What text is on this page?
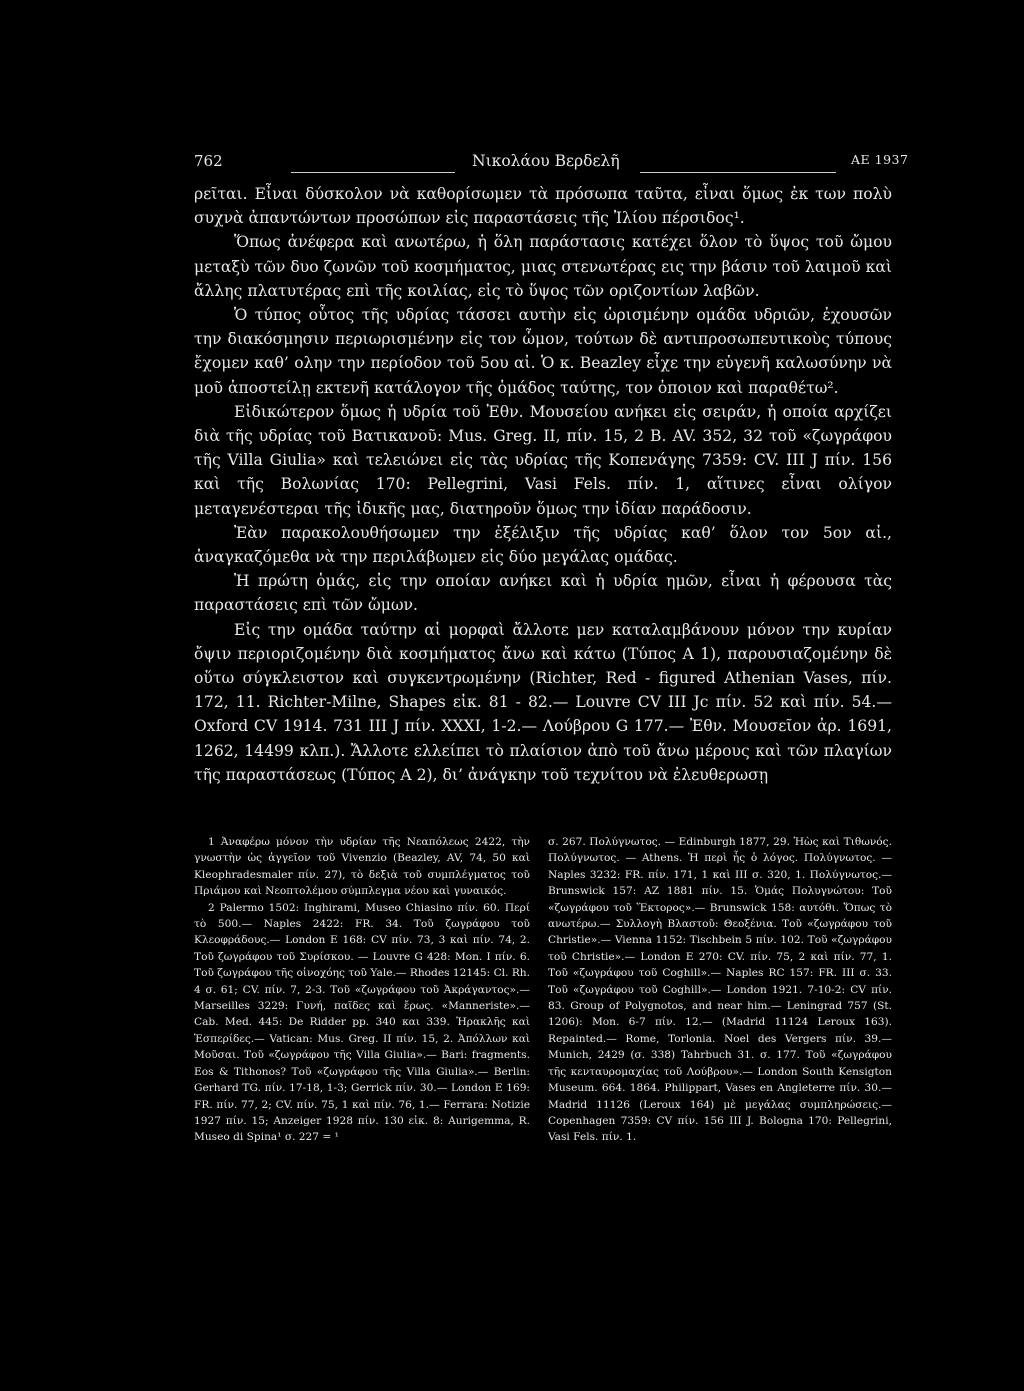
762	Νικολάου Βερδελῆ	ΑΕ 1937

ρεῖται. Εἶναι δύσκολον νὰ καθορίσωμεν τὰ πρόσωπα ταῦτα, εἶναι ὅμως ἐκ των πολὺ συχνὰ ἀπαντώντων προσώπων εἰς παραστάσεις τῆς Ἰλίου πέρσιδος¹.

Ὅπως ἀνέφερα καὶ ανωτέρω, ἡ ὅλη παράστασις κατέχει ὅλον τὸ ὕψος τοῦ ὤμου μεταξὺ τῶν δυο ζωνῶν τοῦ κοσμήματος, μιας στενωτέρας εις την βάσιν τοῦ λαιμοῦ καὶ ἄλλης πλατυτέρας επὶ τῆς κοιλίας, εἰς τὸ ὕψος τῶν οριζοντίων λαβῶν.

Ὁ τύπος οὗτος τῆς υδρίας τάσσει αυτὴν εἰς ὡρισμένην ομάδα υδριῶν, ἐχουσῶν την διακόσμησιν περιωρισμένην εἰς τον ὦμον, τούτων δὲ αντιπροσωπευτικοὺς τύπους ἔχομεν καθ’ ολην την περίοδον τοῦ 5ου αἰ. Ὁ κ. Beazley εἶχε την εὐγενῆ καλωσύνην νὰ μοῦ ἀποστείλῃ εκτενῆ κατάλογον τῆς ὁμάδος ταύτης, τον ὁποιον καὶ παραθέτω².

Εἰδικώτερον ὅμως ἡ υδρία τοῦ Ἐθν. Μουσείου ανήκει εἰς σειράν, ἡ οποία αρχίζει διὰ τῆς υδρίας τοῦ Βατικανοῦ: Mus. Greg. II, πίν. 15, 2 Β. AV. 352, 32 τοῦ «ζωγράφου τῆς Villa Giulia» καὶ τελειώνει εἰς τὰς υδρίας τῆς Κοπενάγης 7359: CV. III J πίν. 156 καὶ τῆς Βολωνίας 170: Pellegrini, Vasi Fels. πίν. 1, αἵτινες εἶναι ολίγον μεταγενέστεραι τῆς ἰδικῆς μας, διατηροῦν ὅμως την ἰδίαν παράδοσιν.

Ἐὰν παρακολουθήσωμεν την ἐξέλιξιν τῆς υδρίας καθ’ ὅλον τον 5ον αἰ., ἀναγκαζόμεθα νὰ την περιλάβωμεν εἰς δύο μεγάλας ομάδας.

Ἡ πρώτη ὁμάς, εἰς την οποίαν ανήκει καὶ ἡ υδρία ημῶν, εἶναι ἡ φέρουσα τὰς παραστάσεις επὶ τῶν ὤμων.

Εἰς την ομάδα ταύτην αἱ μορφαὶ ἄλλοτε μεν καταλαμβάνουν μόνον την κυρίαν ὄψιν περιοριζομένην διὰ κοσμήματος ἄνω καὶ κάτω (Τύπος Α 1), παρουσιαζομένην δὲ οὕτω σύγκλειστον καὶ συγκεντρωμένην (Richter, Red - figured Athenian Vases, πίν. 172, 11. Richter-Milne, Shapes εἰκ. 81 - 82.— Louvre CV III Jc πίν. 52 καὶ πίν. 54.— Oxford CV 1914. 731 III J πίν. XXXI, 1-2.— Λούβρου G 177.— Ἐθν. Μουσεῖον ἀρ. 1691, 1262, 14499 κλπ.). Ἄλλοτε ελλείπει τὸ πλαίσιον ἀπὸ τοῦ ἄνω μέρους καὶ τῶν πλαγίων τῆς παραστάσεως (Τύπος Α 2), δι’ ἀνάγκην τοῦ τεχνίτου νὰ ἐλευθερωσῃ

1 Ἀναφέρω μόνον τὴν υδρίαν τῆς Νεαπόλεως 2422, τὴν γνωστὴν ὡς ἀγγεῖον τοῦ Vivenzio (Beazley, AV, 74, 50 καὶ Kleophradesmaler πίν. 27), τὸ δεξιὰ τοῦ συμπλέγματος τοῦ Πριάμου καὶ Νεοπτολέμου σύμπλεγμα νέου καὶ γυναικός.

2 Palermo 1502: Inghirami, Museo Chiasino πίν. 60. Περί τὸ 500.— Naples 2422: FR. 34. Τοῦ ζωγράφου τοῦ Κλεοφράδους.— London E 168: CV πίν. 73, 3 καὶ πίν. 74, 2. Τοῦ ζωγράφου τοῦ Συρίσκου. — Louvre G 428: Mon. I πίν. 6. Τοῦ ζωγράφου τῆς οἰνοχόης τοῦ Yale.— Rhodes 12145: Cl. Rh. 4 σ. 61; CV. πίν. 7, 2-3. Τοῦ «ζωγράφου τοῦ Ἀκράγαντος».— Marseilles 3229: Γυνή, παῖδες καὶ ἔρως. «Manneriste».— Cab. Med. 445: De Ridder pp. 340 και 339. Ἡρακλῆς καὶ Ἑσπερίδες.— Vatican: Mus. Greg. II πίν. 15, 2. Ἀπόλλων καὶ Μοῦσαι. Τοῦ «ζωγράφου τῆς Villa Giulia».— Bari: fragments. Eos & Tithonos? Τοῦ «ζωγράφου τῆς Villa Giulia».— Berlin: Gerhard TG. πίν. 17-18, 1-3; Gerrick πίν. 30.— London E 169: FR. πίν. 77, 2; CV. πίν. 75, 1 καὶ πίν. 76, 1.— Ferrara: Notizie 1927 πίν. 15; Anzeiger 1928 πίν. 130 εἰκ. 8: Aurigemma, R. Museo di Spina¹ σ. 227 = ¹

σ. 267. Πολύγνωτος. — Edinburgh 1877, 29. Ἠὼς καὶ Τιθωνός. Πολύγνωτος. — Athens. Ἡ περὶ ἧς ὁ λόγος. Πολύγνωτος. — Naples 3232: FR. πίν. 171, 1 καὶ III σ. 320, 1. Πολύγνωτος.— Brunswick 157: AZ 1881 πίν. 15. Ὁμάς Πολυγνώτου: Τοῦ «ζωγράφου τοῦ Ἕκτορος».— Brunswick 158: αυτόθι. Ὅπως τὸ ανωτέρω.— Συλλογὴ Βλαστοῦ: Θεοξένια. Τοῦ «ζωγράφου τοῦ Christie».— Vienna 1152: Tischbein 5 πίν. 102. Τοῦ «ζωγράφου τοῦ Christie».— London E 270: CV. πίν. 75, 2 καὶ πίν. 77, 1. Τοῦ «ζωγράφου τοῦ Coghill».— Naples RC 157: FR. III σ. 33. Τοῦ «ζωγράφου τοῦ Coghill».— London 1921. 7-10-2: CV πίν. 83. Group of Polygnotos, and near him.— Leningrad 757 (St. 1206): Mon. 6-7 πίν. 12.— (Madrid 11124 Leroux 163). Repainted.— Rome, Torlonia. Noel des Vergers πίν. 39.— Munich, 2429 (σ. 338) Tahrbuch 31. σ. 177. Τοῦ «ζωγράφου τῆς κενταυρομαχίας τοῦ Λούβρου».— London South Kensigton Museum. 664. 1864. Philippart, Vases en Angleterre πίν. 30.— Madrid 11126 (Leroux 164) μὲ μεγάλας συμπληρώσεις.— Copenhagen 7359: CV πίν. 156 III J. Bologna 170: Pellegrini, Vasi Fels. πίν. 1.
